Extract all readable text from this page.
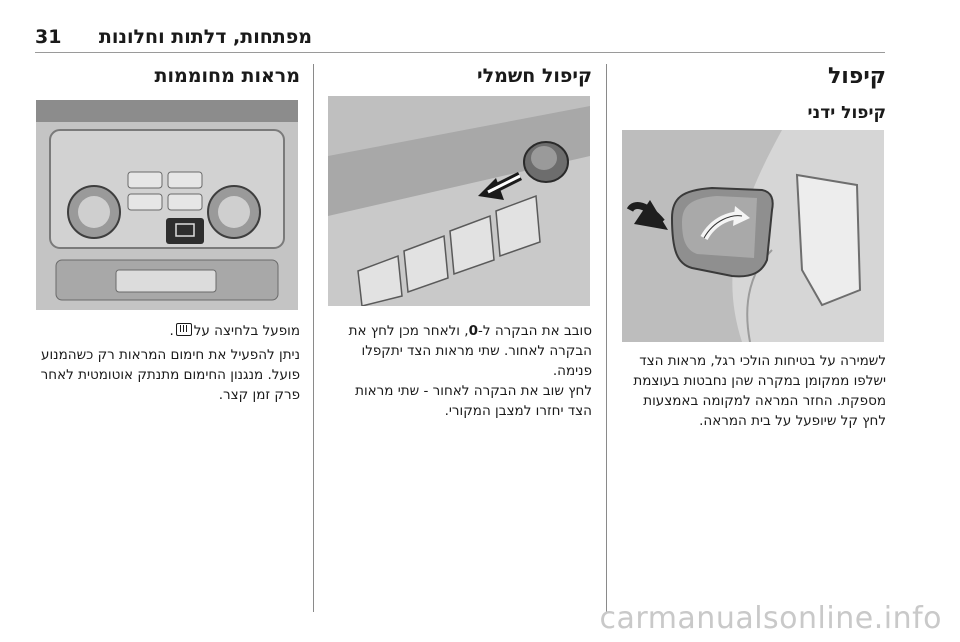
מפתחות, דלתות וחלונות
31
קיפול
קיפול ידני

לשמירה על בטיחות הולכי רגל, מראות הצד ישלפו ממקומן במקרה שהן נחבטות בעוצמת מספקת. החזר המראה למקומה באמצעות לחץ קל שיופעל על בית המראה.

קיפול חשמלי

סובב את הבקרה ל-0, ולאחר מכן לחץ את הבקרה לאחור. שתי מראות הצד יתקפלו פנימה.

לחץ שוב את הבקרה לאחור - שתי מראות הצד יחזרו למצבן המקורי.

מראות מחוממות

מופעל בלחיצה על.

ניתן להפעיל את חימום המראות רק כשהמנוע פועל. מנגנון החימום מתנתק אוטומטית לאחר פרק זמן קצר.

carmanualsonline.info
